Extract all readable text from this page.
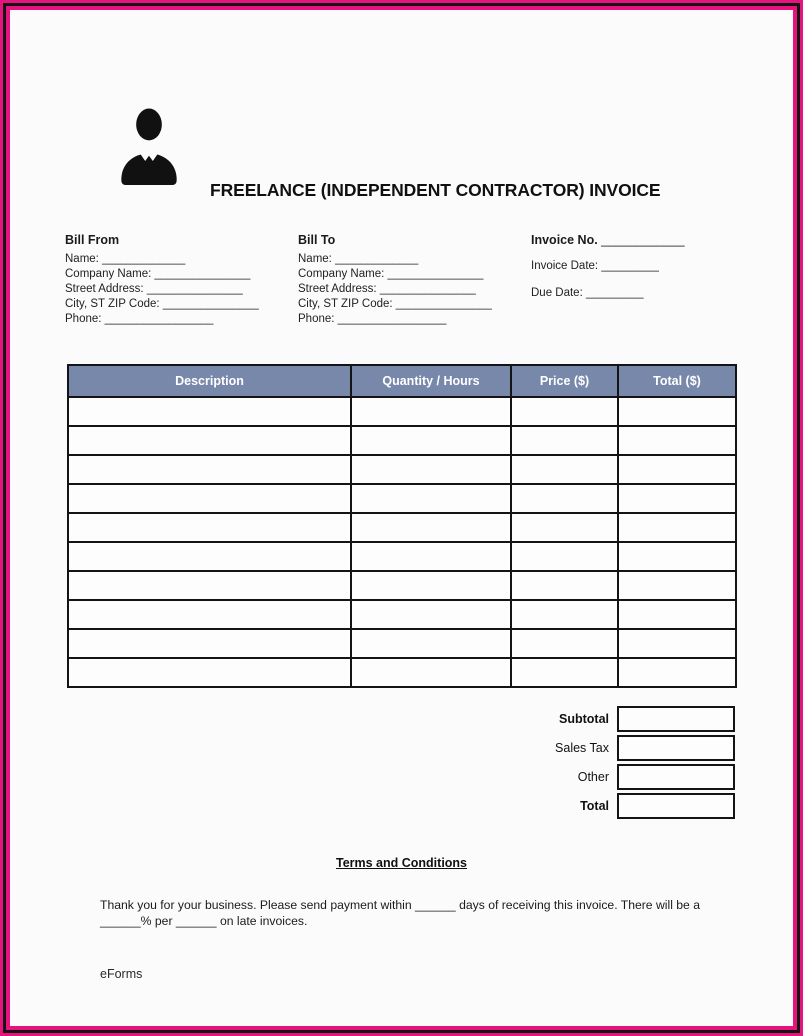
FREELANCE (INDEPENDENT CONTRACTOR) INVOICE
Bill From
Name: _____________
Company Name: _______________
Street Address: _______________
City, ST ZIP Code: _______________
Phone: _________________
Bill To
Name: _____________
Company Name: _______________
Street Address: _______________
City, ST ZIP Code: _______________
Phone: _________________
Invoice No. ____________
Invoice Date: _________
Due Date: _________
Description	Quantity / Hours	Price ($)	Total ($)

Subtotal
Sales Tax
Other
Total
Terms and Conditions

Thank you for your business. Please send payment within ______ days of receiving this invoice. There will be a ______% per ______ on late invoices.

eForms
